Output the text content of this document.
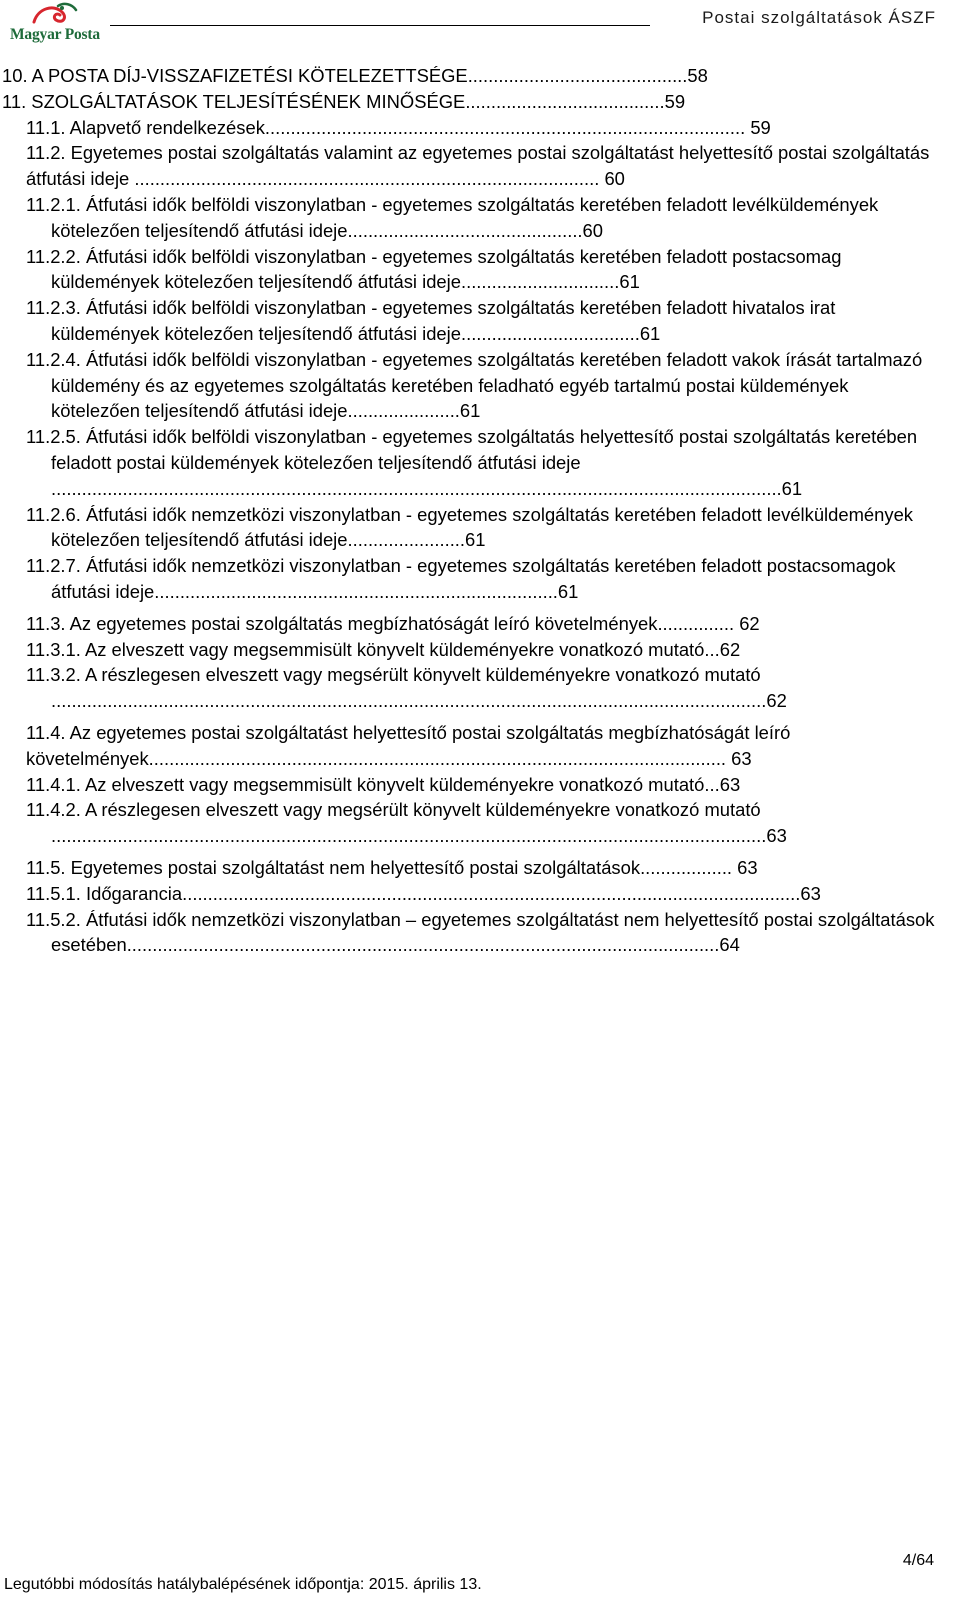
Magyar Posta
Postai szolgáltatások ÁSZF
10. A POSTA DÍJ-VISSZAFIZETÉSI KÖTELEZETTSÉGE...........................................58
11. SZOLGÁLTATÁSOK TELJESÍTÉSÉNEK MINŐSÉGE.......................................59
11.1. Alapvető rendelkezések.............................................................................................. 59
11.2. Egyetemes postai szolgáltatás valamint az egyetemes postai szolgáltatást helyettesítő postai szolgáltatás átfutási ideje ........................................................................................... 60
11.2.1. Átfutási idők belföldi viszonylatban - egyetemes szolgáltatás keretében feladott levélküldemények kötelezően teljesítendő átfutási ideje..............................................60
11.2.2. Átfutási idők belföldi viszonylatban - egyetemes szolgáltatás keretében feladott postacsomag küldemények kötelezően teljesítendő átfutási ideje...............................61
11.2.3. Átfutási idők belföldi viszonylatban - egyetemes szolgáltatás keretében feladott hivatalos irat küldemények kötelezően teljesítendő átfutási ideje...................................61
11.2.4. Átfutási idők belföldi viszonylatban - egyetemes szolgáltatás keretében feladott vakok írását tartalmazó küldemény és az egyetemes szolgáltatás keretében feladható egyéb tartalmú postai küldemények kötelezően teljesítendő átfutási ideje......................61
11.2.5. Átfutási idők belföldi viszonylatban - egyetemes szolgáltatás helyettesítő postai szolgáltatás keretében feladott postai küldemények kötelezően teljesítendő átfutási ideje ...............................................................................................................................................61
11.2.6. Átfutási idők nemzetközi viszonylatban - egyetemes szolgáltatás keretében feladott levélküldemények kötelezően teljesítendő átfutási ideje.......................61
11.2.7. Átfutási idők nemzetközi viszonylatban - egyetemes szolgáltatás keretében feladott postacsomagok átfutási ideje...............................................................................61
11.3. Az egyetemes postai szolgáltatás megbízhatóságát leíró követelmények............... 62
11.3.1. Az elveszett vagy megsemmisült könyvelt küldeményekre vonatkozó mutató...62
11.3.2. A részlegesen elveszett vagy megsérült könyvelt küldeményekre vonatkozó mutató ............................................................................................................................................62
11.4. Az egyetemes postai szolgáltatást helyettesítő postai szolgáltatás megbízhatóságát leíró követelmények................................................................................................................. 63
11.4.1. Az elveszett vagy megsemmisült könyvelt küldeményekre vonatkozó mutató...63
11.4.2. A részlegesen elveszett vagy megsérült könyvelt küldeményekre vonatkozó mutató ............................................................................................................................................63
11.5. Egyetemes postai szolgáltatást nem helyettesítő postai szolgáltatások.................. 63
11.5.1. Időgarancia.........................................................................................................................63
11.5.2. Átfutási idők nemzetközi viszonylatban – egyetemes szolgáltatást nem helyettesítő postai szolgáltatások esetében....................................................................................................................64
4/64
Legutóbbi módosítás hatálybalépésének időpontja: 2015. április 13.
